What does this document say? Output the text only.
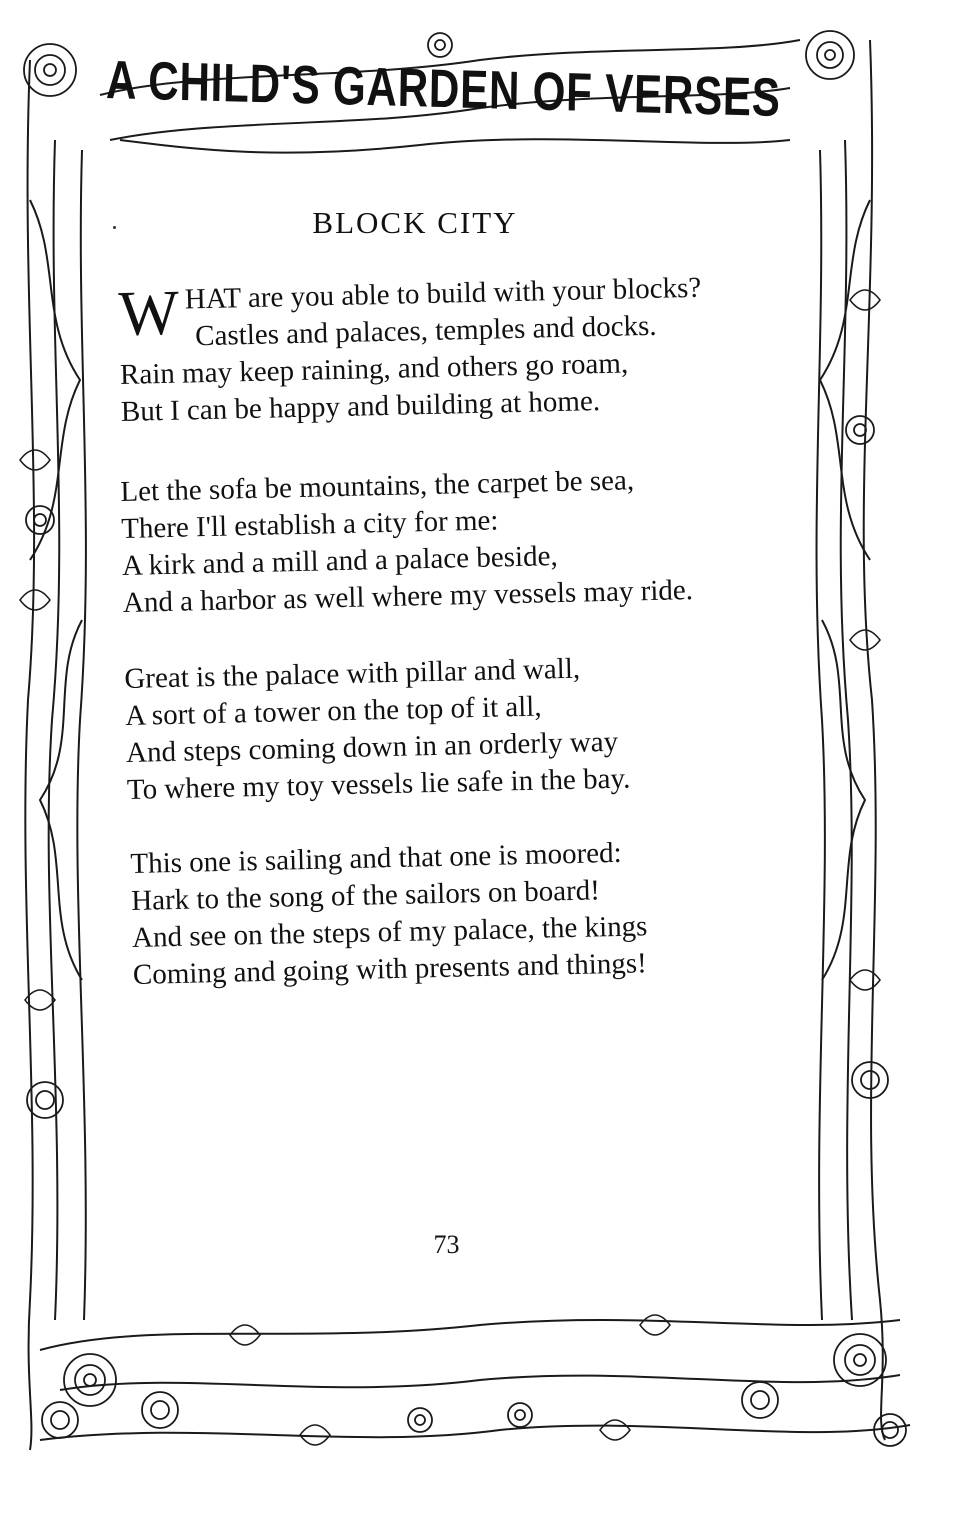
A CHILD'S GARDEN OF VERSES
BLOCK CITY
W HAT are you able to build with your blocks?
Castles and palaces, temples and docks.
Rain may keep raining, and others go roam,
But I can be happy and building at home.
Let the sofa be mountains, the carpet be sea,
There I'll establish a city for me:
A kirk and a mill and a palace beside,
And a harbor as well where my vessels may ride.
Great is the palace with pillar and wall,
A sort of a tower on the top of it all,
And steps coming down in an orderly way
To where my toy vessels lie safe in the bay.
This one is sailing and that one is moored:
Hark to the song of the sailors on board!
And see on the steps of my palace, the kings
Coming and going with presents and things!
73
